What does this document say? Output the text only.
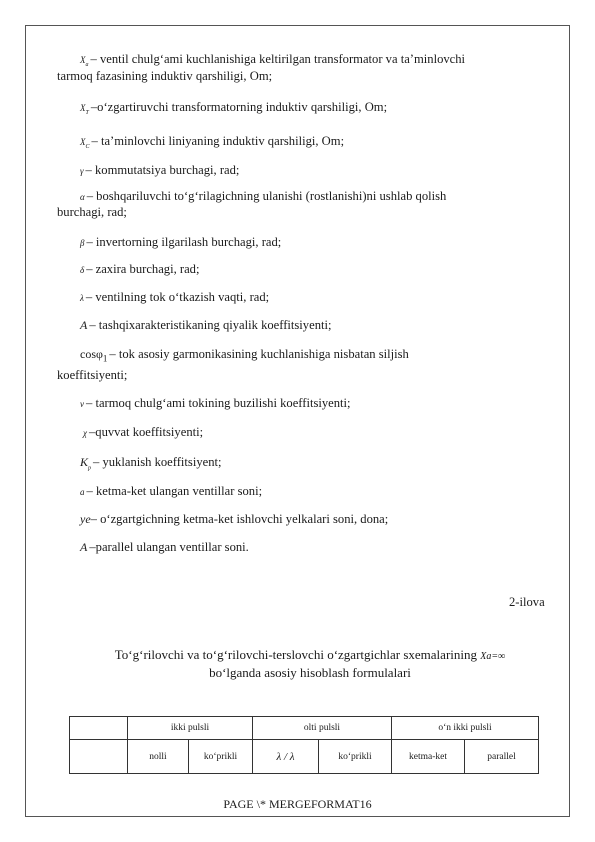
$X_a$ – ventil chulg‘ami kuchlanishiga keltirilgan transformator va ta’minlovchi
tarmoq fazasining induktiv qarshiligi, Om;
$X_T$ –o‘zgartiruvchi transformatorning induktiv qarshiligi, Om;
$X_C$ – ta’minlovchi liniyaning induktiv qarshiligi, Om;
γ – kommutatsiya burchagi, rad;
α – boshqariluvchi to‘g‘rilagichning ulanishi (rostlanishi)ni ushlab qolish
burchagi, rad;
β – invertorning ilgarilash burchagi, rad;
δ – zaxira burchagi, rad;
λ – ventilning tok o‘tkazish vaqti, rad;
A – tashqixarakteristikaning qiyalik koeffitsiyenti;
cosφ$_1$ – tok asosiy garmonikasining kuchlanishiga nisbatan siljish
koeffitsiyenti;
ν – tarmoq chulg‘ami tokining buzilishi koeffitsiyenti;
χ –quvvat koeffitsiyenti;
$K_p$ – yuklanish koeffitsiyent;
a – ketma-ket ulangan ventillar soni;
ye– o‘zgartgichning ketma-ket ishlovchi yelkalari soni, dona;
A –parallel ulangan ventillar soni.
2-ilova
To‘g‘rilovchi va to‘g‘rilovchi-terslovchi o‘zgartgichlar sxemalarining Xa=∞
bo‘lganda asosiy hisoblash formulalari
	ikki pulsli		olti pulsli		o‘n ikki pulsli	
	nolli	ko‘prikli	λ / λ	ko‘prikli	ketma-ket	parallel
PAGE \* MERGEFORMAT16
